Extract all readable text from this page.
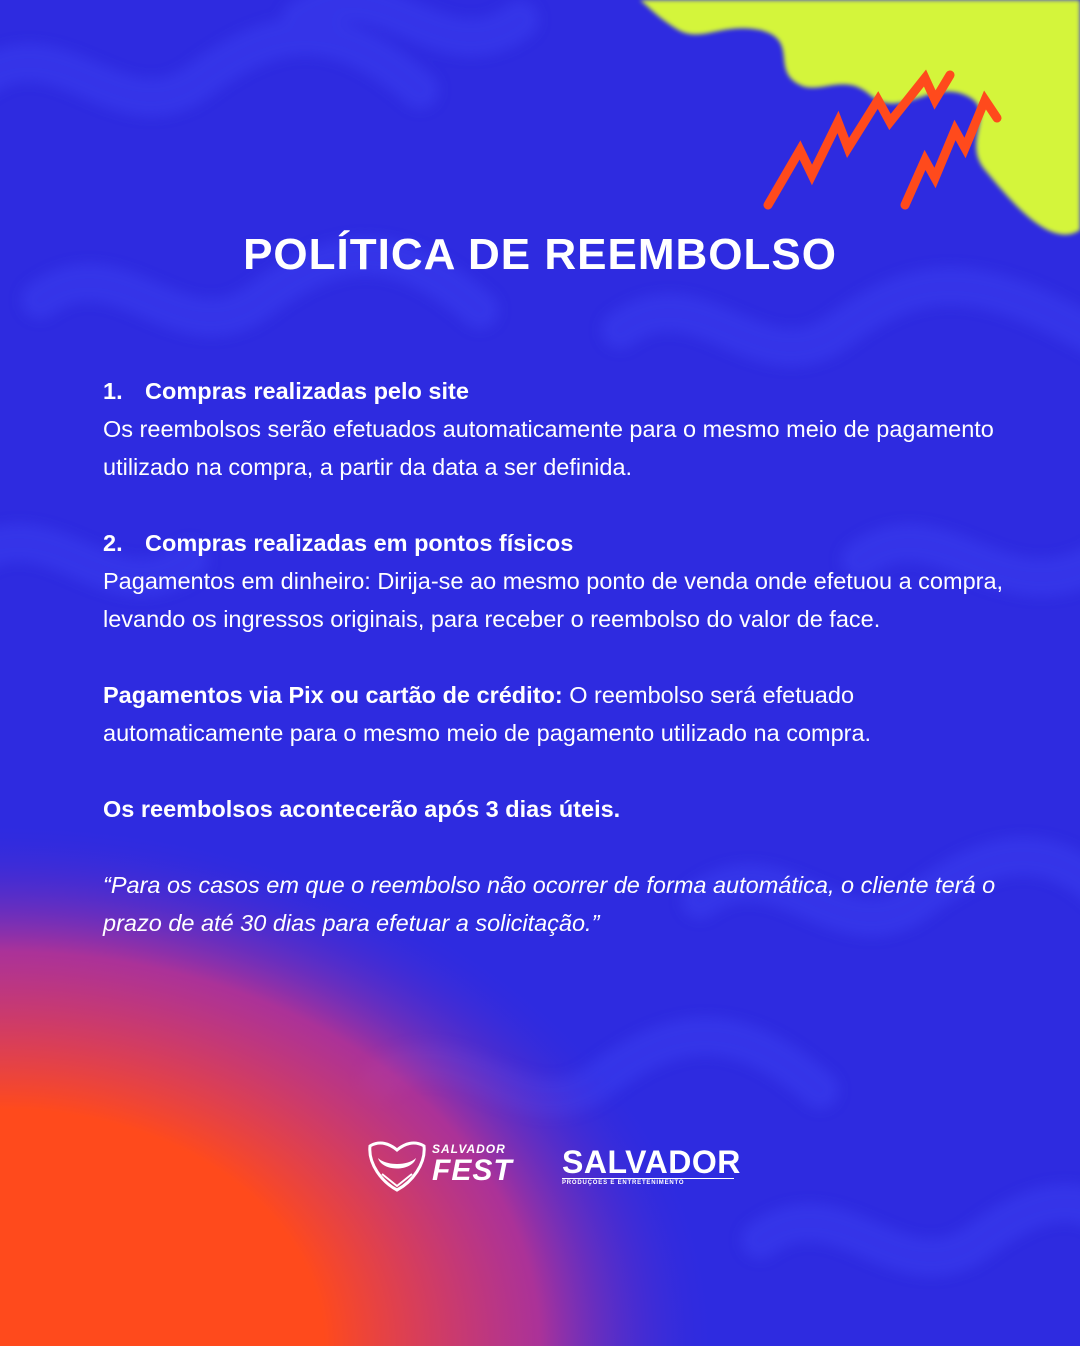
POLÍTICA DE REEMBOLSO
1. Compras realizadas pelo site

Os reembolsos serão efetuados automaticamente para o mesmo meio de pagamento utilizado na compra, a partir da data a ser definida.

2. Compras realizadas em pontos físicos

Pagamentos em dinheiro: Dirija-se ao mesmo ponto de venda onde efetuou a compra, levando os ingressos originais, para receber o reembolso do valor de face.

Pagamentos via Pix ou cartão de crédito: O reembolso será efetuado automaticamente para o mesmo meio de pagamento utilizado na compra.

Os reembolsos acontecerão após 3 dias úteis.

“Para os casos em que o reembolso não ocorrer de forma automática, o cliente terá o prazo de até 30 dias para efetuar a solicitação.”

SALVADOR
FEST SALVADOR
PRODUÇÕES E ENTRETENIMENTO
